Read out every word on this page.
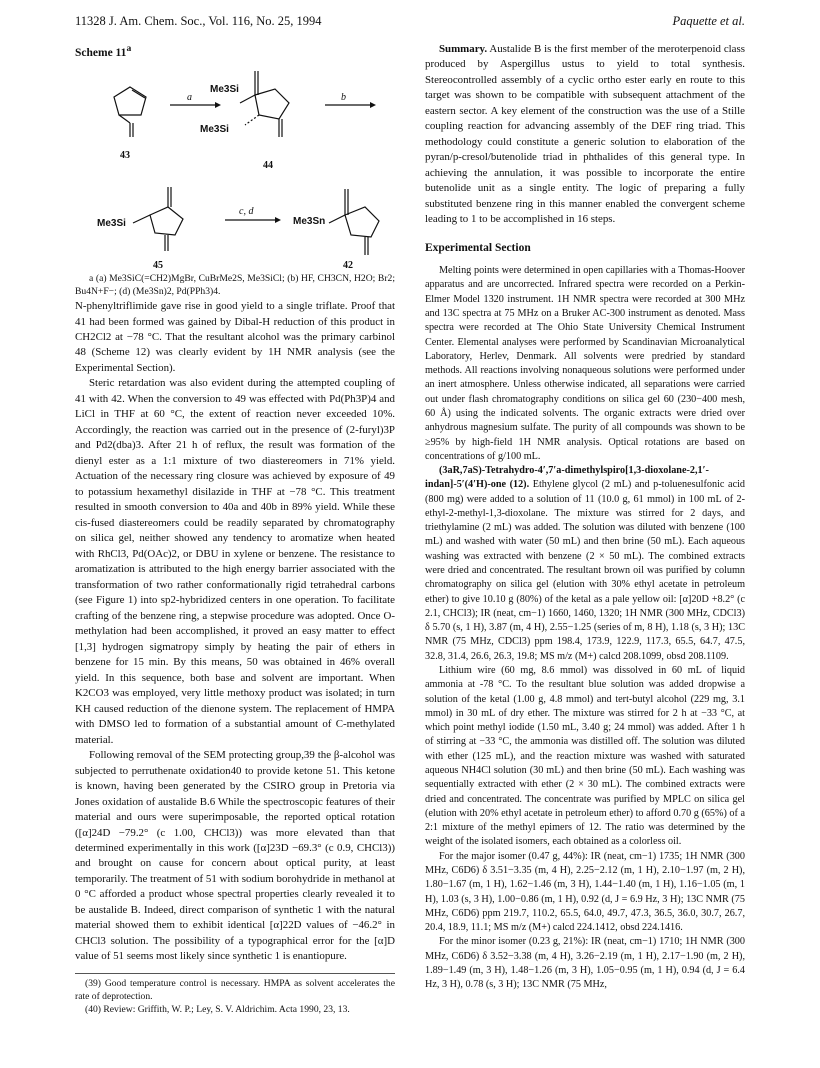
11328 J. Am. Chem. Soc., Vol. 116, No. 25, 1994	Paquette et al.
Scheme 11$^a$
Me3Si
Me3Si
Me3Si	Me3Sn
a	b
c, d
43
44
45	42

a (a) Me3SiC(=CH2)MgBr, CuBrMe2S, Me3SiCl; (b) HF, CH3CN, H2O; Br2; Bu4N+F−; (d) (Me3Sn)2, Pd(PPh3)4.

N-phenyltriflimide gave rise in good yield to a single triflate. Proof that 41 had been formed was gained by Dibal-H reduction of this product in CH2Cl2 at −78 °C. That the resultant alcohol was the primary carbinol 48 (Scheme 12) was clearly evident by 1H NMR analysis (see the Experimental Section).

Steric retardation was also evident during the attempted coupling of 41 with 42. When the conversion to 49 was effected with Pd(Ph3P)4 and LiCl in THF at 60 °C, the extent of reaction never exceeded 10%. Accordingly, the reaction was carried out in the presence of (2-furyl)3P and Pd2(dba)3. After 21 h of reflux, the result was formation of the dienyl ester as a 1:1 mixture of two diastereomers in 71% yield. Actuation of the necessary ring closure was achieved by exposure of 49 to potassium hexamethyl disilazide in THF at −78 °C. This treatment resulted in smooth conversion to 40a and 40b in 89% yield. While these cis-fused diastereomers could be readily separated by chromatography on silica gel, neither showed any tendency to aromatize when heated with RhCl3, Pd(OAc)2, or DBU in xylene or benzene. The resistance to aromatization is attributed to the high energy barrier associated with the transformation of two rather conformationally rigid tetrahedral carbons (see Figure 1) into sp2-hybridized centers in one operation. To facilitate crafting of the benzene ring, a stepwise procedure was adopted. Once O-methylation had been accomplished, it proved an easy matter to effect [1,3] hydrogen sigmatropy simply by heating the pair of ethers in benzene for 15 min. By this means, 50 was obtained in 46% overall yield. In this sequence, both base and solvent are important. When K2CO3 was employed, very little methoxy product was isolated; in turn KH caused reduction of the dienone system. The replacement of HMPA with DMSO led to formation of a substantial amount of C-methylated material.

Following removal of the SEM protecting group,39 the β-alcohol was subjected to perruthenate oxidation40 to provide ketone 51. This ketone is known, having been generated by the CSIRO group in Pretoria via Jones oxidation of austalide B.6 While the spectroscopic features of their material and ours were superimposable, the reported optical rotation ([α]24D −79.2° (c 1.00, CHCl3)) was more elevated than that determined experimentally in this work ([α]23D −69.3° (c 0.9, CHCl3)) and brought on cause for concern about optical purity, at least temporarily. The treatment of 51 with sodium borohydride in methanol at 0 °C afforded a product whose spectral properties clearly revealed it to be austalide B. Indeed, direct comparison of synthetic 1 with the natural material showed them to exhibit identical [α]22D values of −46.2° in CHCl3 solution. The possibility of a typographical error for the [α]D value of 51 seems most likely since synthetic 1 is enantiopure.

(39) Good temperature control is necessary. HMPA as solvent accelerates the rate of deprotection.

(40) Review: Griffith, W. P.; Ley, S. V. Aldrichim. Acta 1990, 23, 13.

Summary. Austalide B is the first member of the meroterpenoid class produced by Aspergillus ustus to yield to total synthesis. Stereocontrolled assembly of a cyclic ortho ester early en route to this target was shown to be compatible with subsequent attachment of the eastern sector. A key element of the construction was the use of a Stille coupling reaction for advancing assembly of the DEF ring triad. This methodology could constitute a generic solution to elaboration of the pyran/p-cresol/butenolide triad in phthalides of this general type. In achieving the annulation, it was possible to incorporate the entire butenolide unit as a single entity. The logic of preparing a fully substituted benzene ring in this manner enabled the convergent scheme leading to 1 to be accomplished in 16 steps.

Experimental Section

Melting points were determined in open capillaries with a Thomas-Hoover apparatus and are uncorrected. Infrared spectra were recorded on a Perkin-Elmer Model 1320 instrument. 1H NMR spectra were recorded at 300 MHz and 13C spectra at 75 MHz on a Bruker AC-300 instrument as denoted. Mass spectra were recorded at The Ohio State University Chemical Instrument Center. Elemental analyses were performed by Scandinavian Microanalytical Laboratory, Herlev, Denmark. All solvents were predried by standard methods. All reactions involving nonaqueous solutions were performed under an inert atmosphere. Unless otherwise indicated, all separations were carried out under flash chromatography conditions on silica gel 60 (230−400 mesh, 60 Å) using the indicated solvents. The organic extracts were dried over anhydrous magnesium sulfate. The purity of all compounds was shown to be ≥95% by high-field 1H NMR analysis. Optical rotations are based on concentrations of g/100 mL.

(3aR,7aS)-Tetrahydro-4′,7′a-dimethylspiro[1,3-dioxolane-2,1′-indan]-5′(4′H)-one (12). Ethylene glycol (2 mL) and p-toluenesulfonic acid (800 mg) were added to a solution of 11 (10.0 g, 61 mmol) in 100 mL of 2-ethyl-2-methyl-1,3-dioxolane. The mixture was stirred for 2 days, and triethylamine (2 mL) was added. The solution was diluted with benzene (100 mL) and washed with water (50 mL) and then brine (50 mL). Each aqueous washing was extracted with benzene (2 × 50 mL). The combined extracts were dried and concentrated. The resultant brown oil was purified by column chromatography on silica gel (elution with 30% ethyl acetate in petroleum ether) to give 10.10 g (80%) of the ketal as a pale yellow oil: [α]20D +8.2° (c 2.1, CHCl3); IR (neat, cm−1) 1660, 1460, 1320; 1H NMR (300 MHz, CDCl3) δ 5.70 (s, 1 H), 3.87 (m, 4 H), 2.55−1.25 (series of m, 8 H), 1.18 (s, 3 H); 13C NMR (75 MHz, CDCl3) ppm 198.4, 173.9, 122.9, 117.3, 65.5, 64.7, 47.5, 32.8, 31.4, 26.6, 26.3, 19.8; MS m/z (M+) calcd 208.1099, obsd 208.1109.

Lithium wire (60 mg, 8.6 mmol) was dissolved in 60 mL of liquid ammonia at -78 °C. To the resultant blue solution was added dropwise a solution of the ketal (1.00 g, 4.8 mmol) and tert-butyl alcohol (229 mg, 3.1 mmol) in 30 mL of dry ether. The mixture was stirred for 2 h at −33 °C, at which point methyl iodide (1.50 mL, 3.40 g; 24 mmol) was added. After 1 h of stirring at −33 °C, the ammonia was distilled off. The solution was diluted with ether (125 mL), and the reaction mixture was washed with saturated aqueous NH4Cl solution (30 mL) and then brine (50 mL). Each washing was sequentially extracted with ether (2 × 30 mL). The combined extracts were dried and concentrated. The concentrate was purified by MPLC on silica gel (elution with 20% ethyl acetate in petroleum ether) to afford 0.70 g (65%) of a 2:1 mixture of the methyl epimers of 12. The ratio was determined by the weight of the isolated isomers, each obtained as a colorless oil.

For the major isomer (0.47 g, 44%): IR (neat, cm−1) 1735; 1H NMR (300 MHz, C6D6) δ 3.51−3.35 (m, 4 H), 2.25−2.12 (m, 1 H), 2.10−1.97 (m, 2 H), 1.80−1.67 (m, 1 H), 1.62−1.46 (m, 3 H), 1.44−1.40 (m, 1 H), 1.16−1.05 (m, 1 H), 1.03 (s, 3 H), 1.00−0.86 (m, 1 H), 0.92 (d, J = 6.9 Hz, 3 H); 13C NMR (75 MHz, C6D6) ppm 219.7, 110.2, 65.5, 64.0, 49.7, 47.3, 36.5, 36.0, 30.7, 26.7, 20.4, 18.9, 11.1; MS m/z (M+) calcd 224.1412, obsd 224.1416.

For the minor isomer (0.23 g, 21%): IR (neat, cm−1) 1710; 1H NMR (300 MHz, C6D6) δ 3.52−3.38 (m, 4 H), 3.26−2.19 (m, 1 H), 2.17−1.90 (m, 2 H), 1.89−1.49 (m, 3 H), 1.48−1.26 (m, 3 H), 1.05−0.95 (m, 1 H), 0.94 (d, J = 6.4 Hz, 3 H), 0.78 (s, 3 H); 13C NMR (75 MHz,
